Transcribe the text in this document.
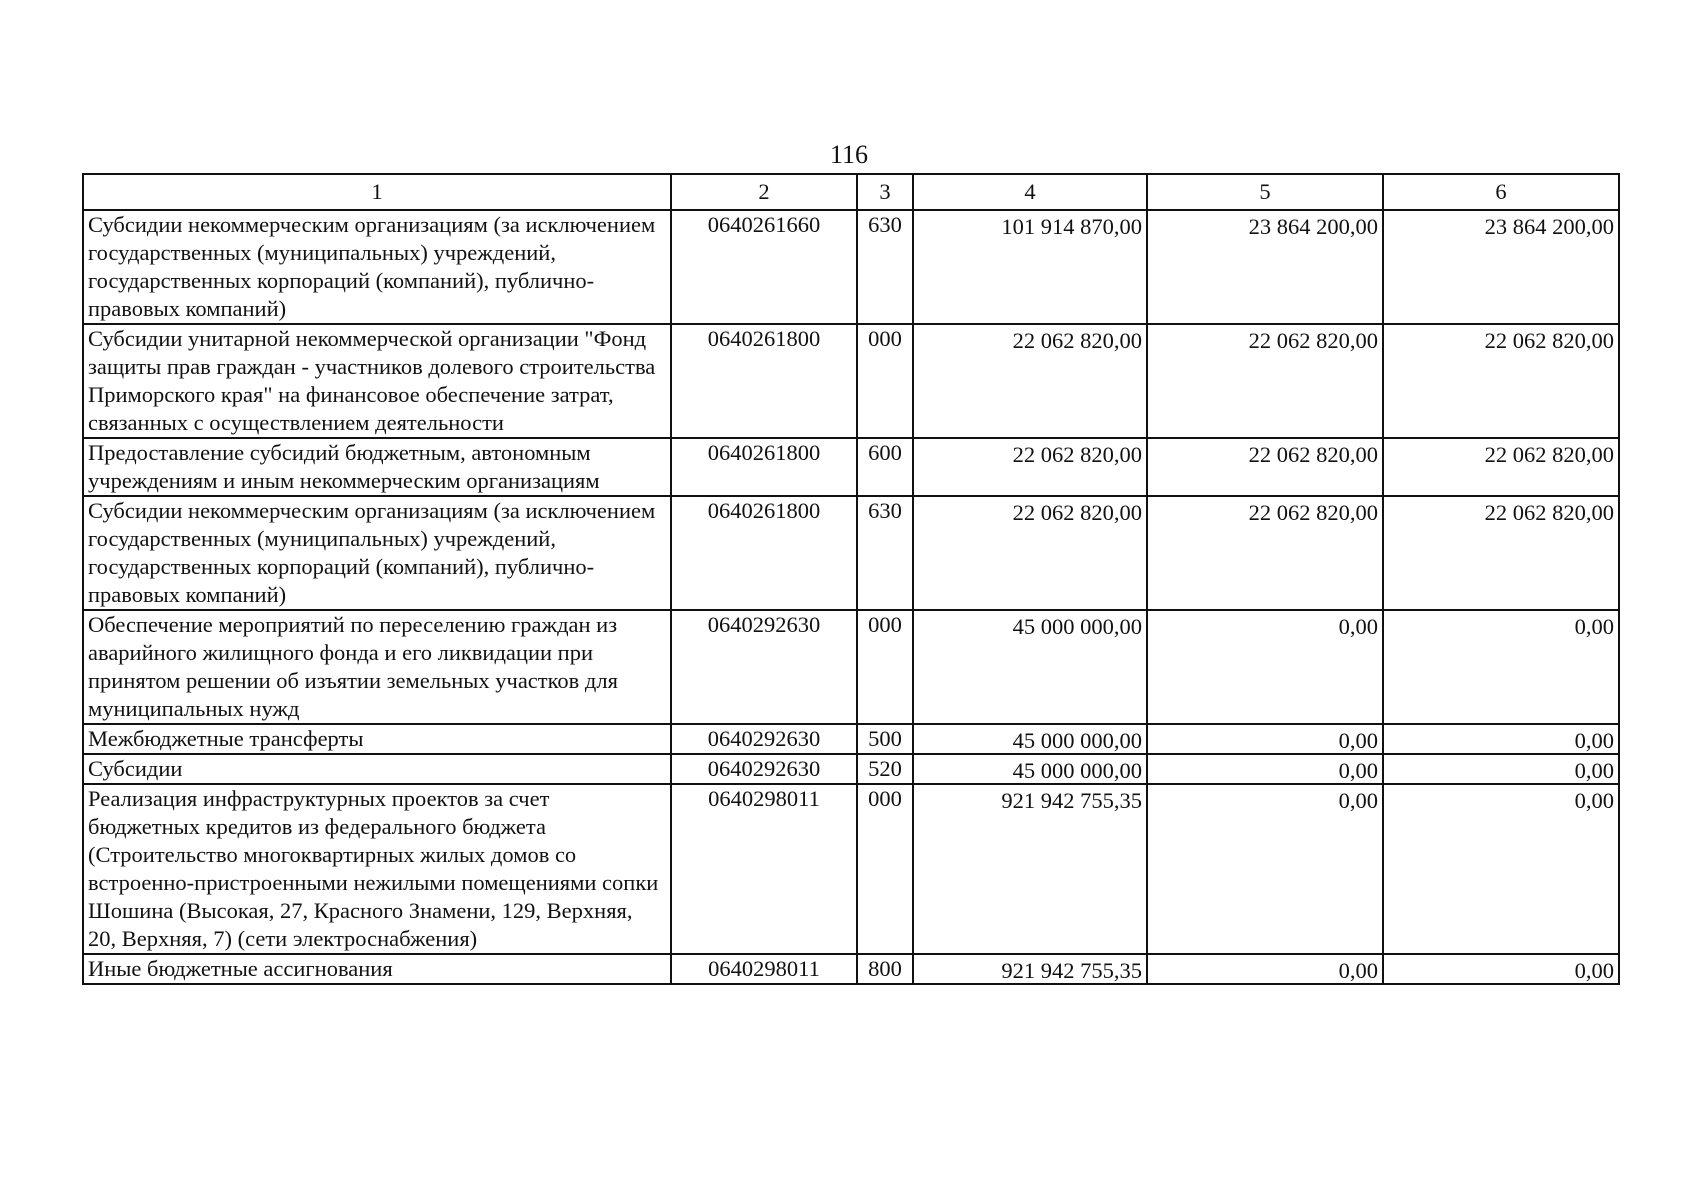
116
1	2	3	4	5	6
Субсидии некоммерческим организациям (за исключением государственных (муниципальных) учреждений, государственных корпораций (компаний), публично-правовых компаний)	0640261660	630	101 914 870,00	23 864 200,00	23 864 200,00
Субсидии унитарной некоммерческой организации "Фонд защиты прав граждан - участников долевого строительства Приморского края" на финансовое обеспечение затрат, связанных с осуществлением деятельности	0640261800	000	22 062 820,00	22 062 820,00	22 062 820,00
Предоставление субсидий бюджетным, автономным учреждениям и иным некоммерческим организациям	0640261800	600	22 062 820,00	22 062 820,00	22 062 820,00
Субсидии некоммерческим организациям (за исключением государственных (муниципальных) учреждений, государственных корпораций (компаний), публично-правовых компаний)	0640261800	630	22 062 820,00	22 062 820,00	22 062 820,00
Обеспечение мероприятий по переселению граждан из аварийного жилищного фонда и его ликвидации при принятом решении об изъятии земельных участков для муниципальных нужд	0640292630	000	45 000 000,00	0,00	0,00
Межбюджетные трансферты	0640292630	500	45 000 000,00	0,00	0,00
Субсидии	0640292630	520	45 000 000,00	0,00	0,00
Реализация инфраструктурных проектов за счет бюджетных кредитов из федерального бюджета (Строительство многоквартирных жилых домов со встроенно-пристроенными нежилыми помещениями сопки Шошина (Высокая, 27, Красного Знамени, 129, Верхняя, 20, Верхняя, 7) (сети электроснабжения)	0640298011	000	921 942 755,35	0,00	0,00
Иные бюджетные ассигнования	0640298011	800	921 942 755,35	0,00	0,00
